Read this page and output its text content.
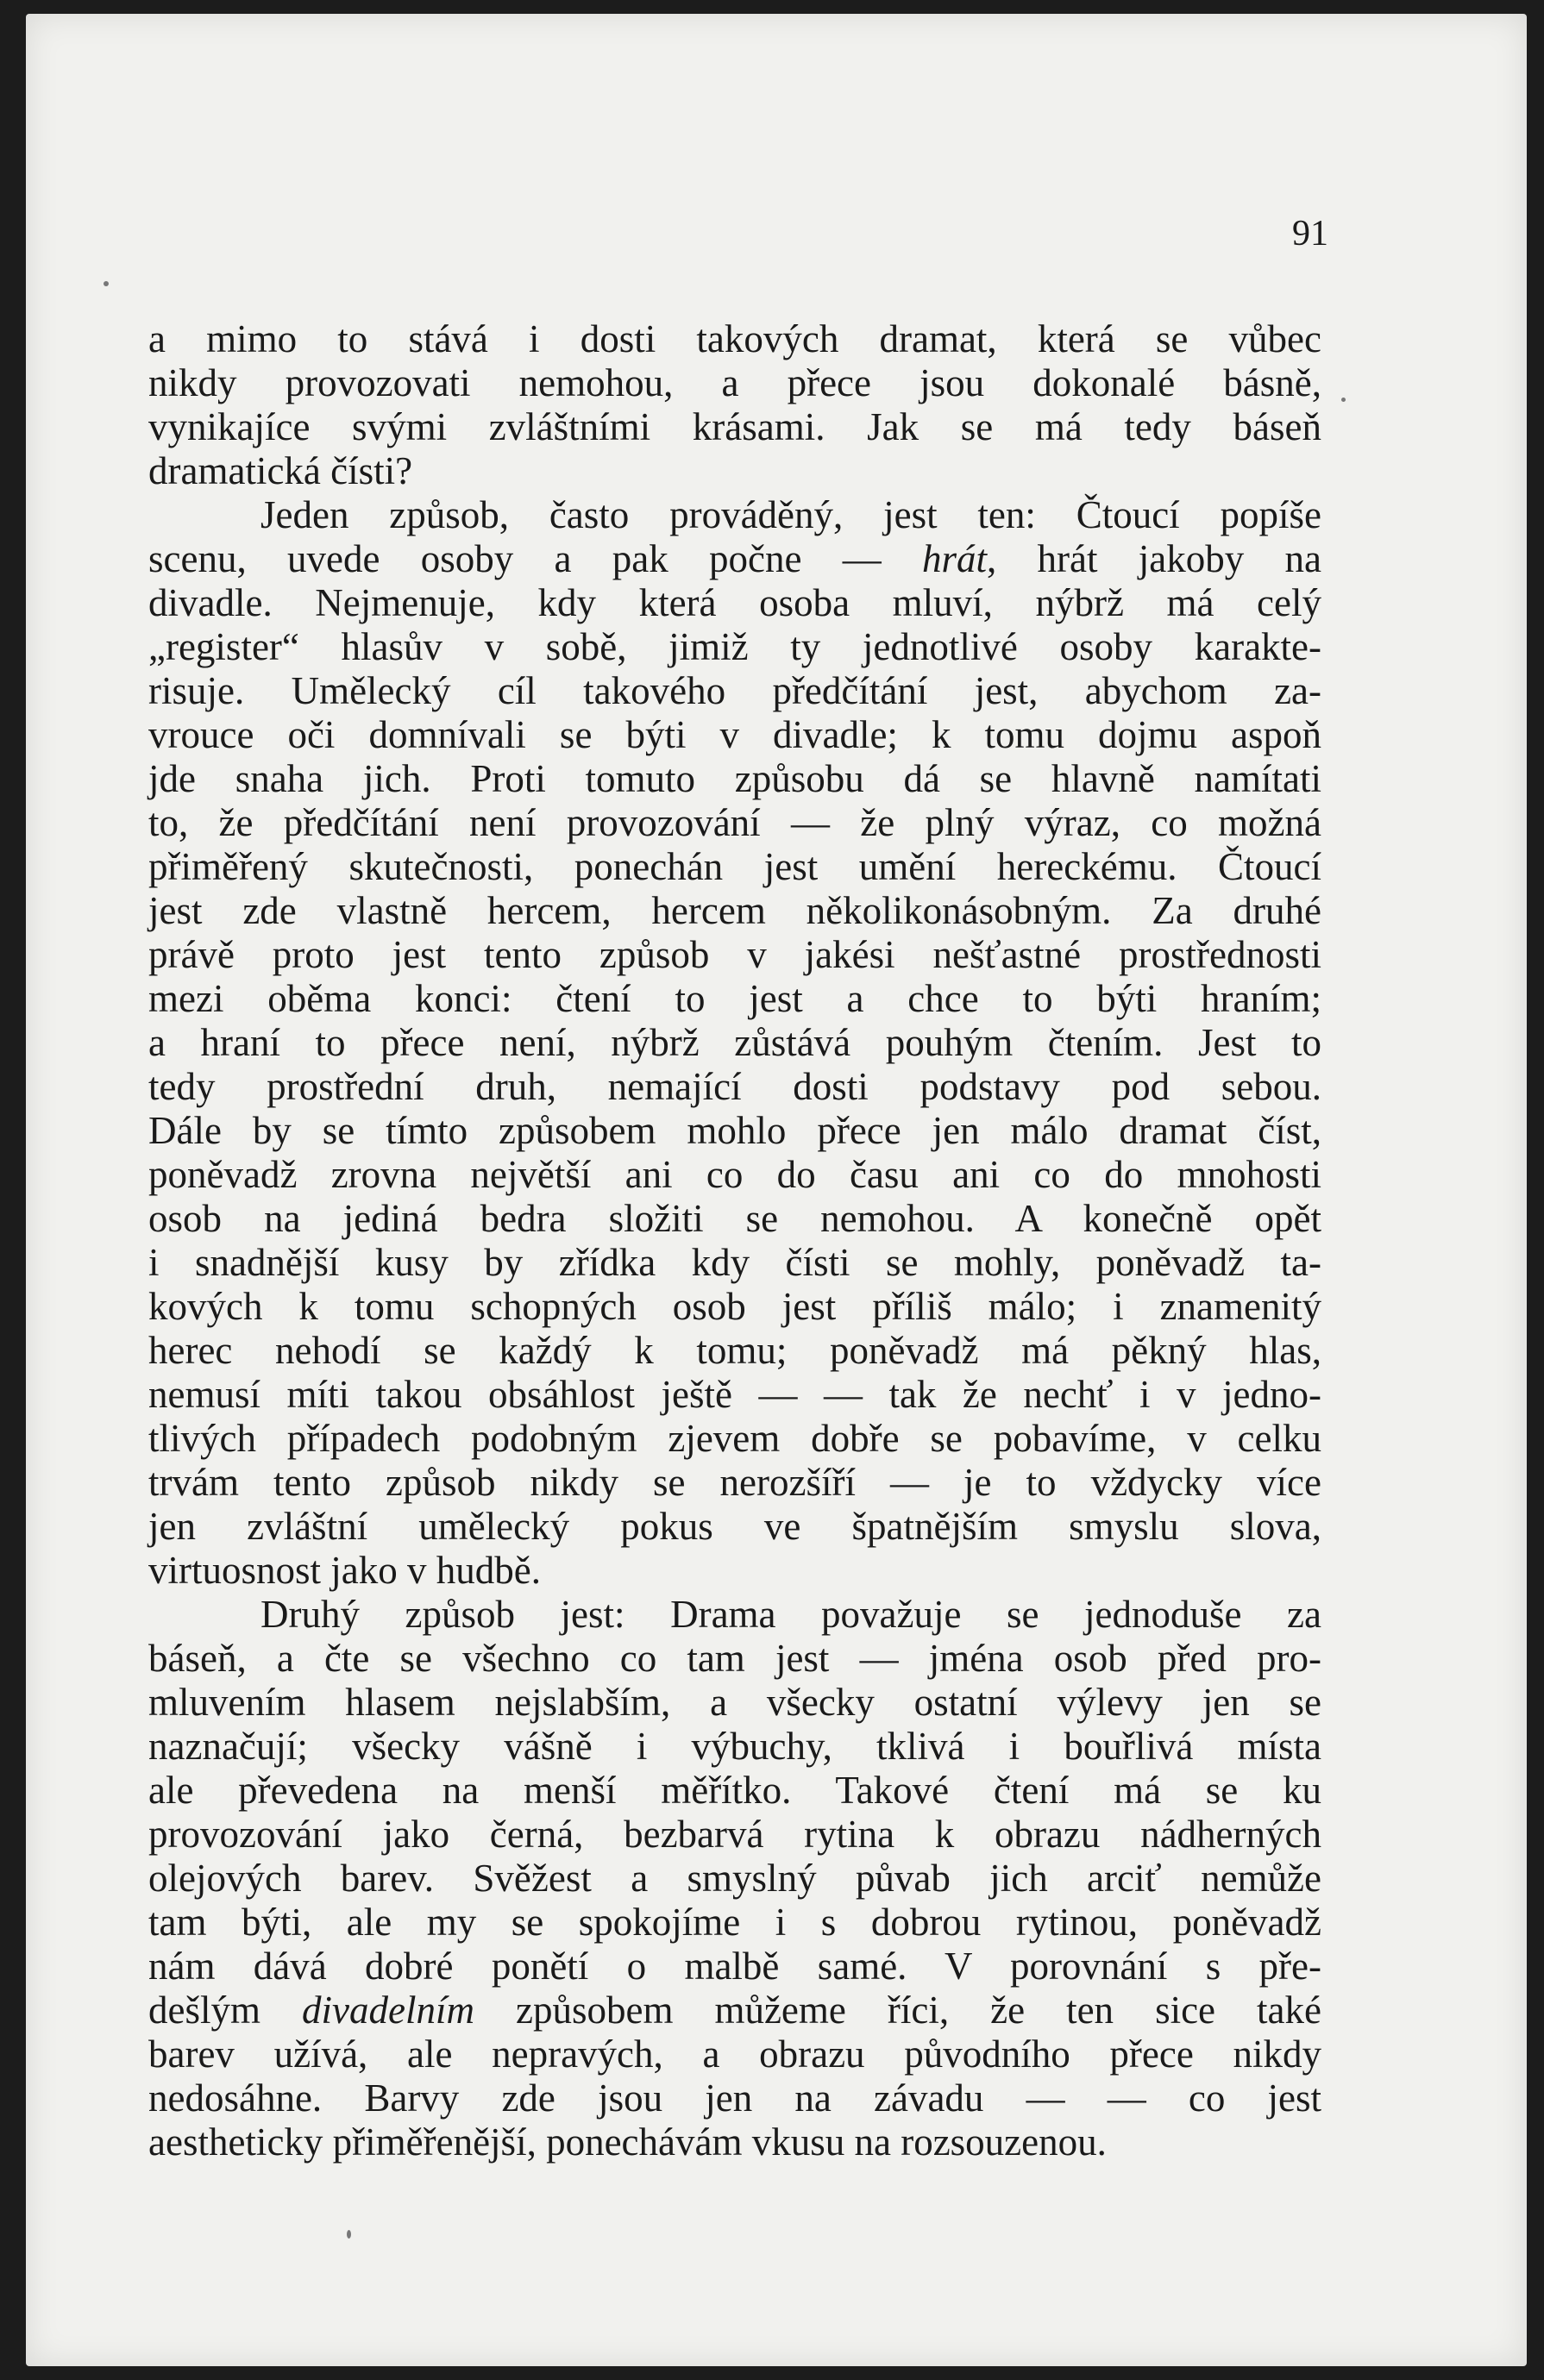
91

a mimo to stává i dosti takových dramat, která se vůbec
nikdy provozovati nemohou, a přece jsou dokonalé básně,
vynikajíce svými zvláštními krásami. Jak se má tedy báseň
dramatická čísti?
Jeden způsob, často prováděný, jest ten: Čtoucí popíše
scenu, uvede osoby a pak počne — hrát, hrát jakoby na
divadle. Nejmenuje, kdy která osoba mluví, nýbrž má celý
„register“ hlasův v sobě, jimiž ty jednotlivé osoby karakte-
risuje. Umělecký cíl takového předčítání jest, abychom za-
vrouce oči domnívali se býti v divadle; k tomu dojmu aspoň
jde snaha jich. Proti tomuto způsobu dá se hlavně namítati
to, že předčítání není provozování — že plný výraz, co možná
přiměřený skutečnosti, ponechán jest umění hereckému. Čtoucí
jest zde vlastně hercem, hercem několikonásobným. Za druhé
právě proto jest tento způsob v jakési nešťastné prostřednosti
mezi oběma konci: čtení to jest a chce to býti hraním;
a hraní to přece není, nýbrž zůstává pouhým čtením. Jest to
tedy prostřední druh, nemající dosti podstavy pod sebou.
Dále by se tímto způsobem mohlo přece jen málo dramat číst,
poněvadž zrovna největší ani co do času ani co do mnohosti
osob na jediná bedra složiti se nemohou. A konečně opět
i snadnější kusy by zřídka kdy čísti se mohly, poněvadž ta-
kových k tomu schopných osob jest příliš málo; i znamenitý
herec nehodí se každý k tomu; poněvadž má pěkný hlas,
nemusí míti takou obsáhlost ještě — — tak že nechť i v jedno-
tlivých případech podobným zjevem dobře se pobavíme, v celku
trvám tento způsob nikdy se nerozšíří — je to vždycky více
jen zvláštní umělecký pokus ve špatnějším smyslu slova,
virtuosnost jako v hudbě.
Druhý způsob jest: Drama považuje se jednoduše za
báseň, a čte se všechno co tam jest — jména osob před pro-
mluvením hlasem nejslabším, a všecky ostatní výlevy jen se
naznačují; všecky vášně i výbuchy, tklivá i bouřlivá místa
ale převedena na menší měřítko. Takové čtení má se ku
provozování jako černá, bezbarvá rytina k obrazu nádherných
olejových barev. Svěžest a smyslný půvab jich arciť nemůže
tam býti, ale my se spokojíme i s dobrou rytinou, poněvadž
nám dává dobré ponětí o malbě samé. V porovnání s pře-
dešlým divadelním způsobem můžeme říci, že ten sice také
barev užívá, ale nepravých, a obrazu původního přece nikdy
nedosáhne. Barvy zde jsou jen na závadu — — co jest
aestheticky přiměřenější, ponechávám vkusu na rozsouzenou.
